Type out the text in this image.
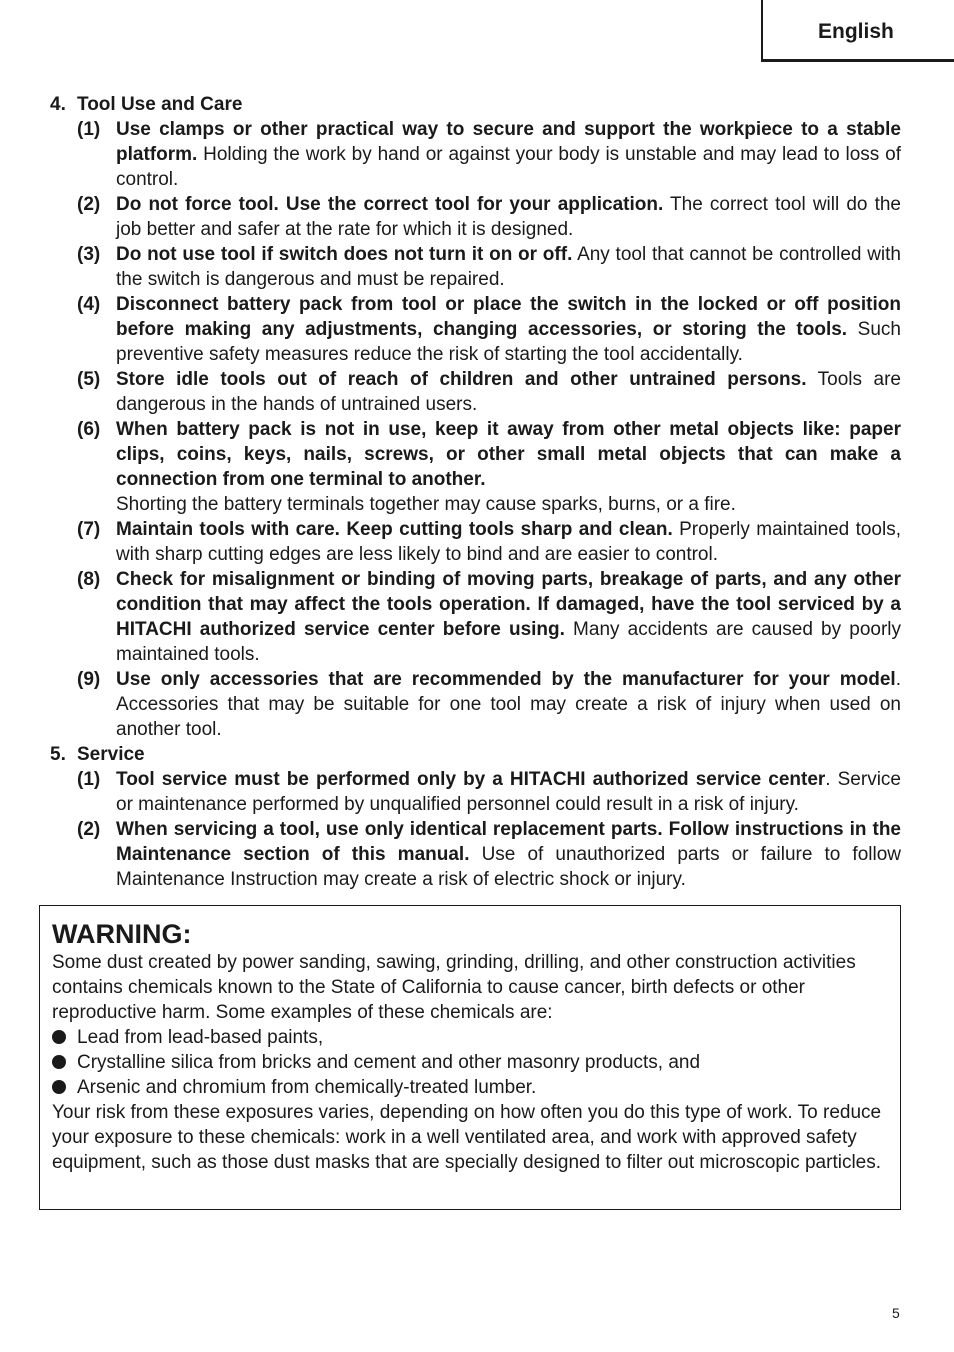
English

4. Tool Use and Care

(1) Use clamps or other practical way to secure and support the workpiece to a stable platform. Holding the work by hand or against your body is unstable and may lead to loss of control.
(2) Do not force tool. Use the correct tool for your application. The correct tool will do the job better and safer at the rate for which it is designed.
(3) Do not use tool if switch does not turn it on or off. Any tool that cannot be controlled with the switch is dangerous and must be repaired.
(4) Disconnect battery pack from tool or place the switch in the locked or off position before making any adjustments, changing accessories, or storing the tools. Such preventive safety measures reduce the risk of starting the tool accidentally.
(5) Store idle tools out of reach of children and other untrained persons. Tools are dangerous in the hands of untrained users.
(6) When battery pack is not in use, keep it away from other metal objects like: paper clips, coins, keys, nails, screws, or other small metal objects that can make a connection from one terminal to another.

Shorting the battery terminals together may cause sparks, burns, or a fire.

(7) Maintain tools with care. Keep cutting tools sharp and clean. Properly maintained tools, with sharp cutting edges are less likely to bind and are easier to control.
(8) Check for misalignment or binding of moving parts, breakage of parts, and any other condition that may affect the tools operation. If damaged, have the tool serviced by a HITACHI authorized service center before using. Many accidents are caused by poorly maintained tools.
(9) Use only accessories that are recommended by the manufacturer for your model. Accessories that may be suitable for one tool may create a risk of injury when used on another tool.

5. Service

(1) Tool service must be performed only by a HITACHI authorized service center. Service or maintenance performed by unqualified personnel could result in a risk of injury.
(2) When servicing a tool, use only identical replacement parts. Follow instructions in the Maintenance section of this manual. Use of unauthorized parts or failure to follow Maintenance Instruction may create a risk of electric shock or injury.

WARNING:

Some dust created by power sanding, sawing, grinding, drilling, and other construction activities contains chemicals known to the State of California to cause cancer, birth defects or other reproductive harm. Some examples of these chemicals are:

Lead from lead-based paints,
Crystalline silica from bricks and cement and other masonry products, and
Arsenic and chromium from chemically-treated lumber.

Your risk from these exposures varies, depending on how often you do this type of work. To reduce your exposure to these chemicals: work in a well ventilated area, and work with approved safety equipment, such as those dust masks that are specially designed to filter out microscopic particles.

5
